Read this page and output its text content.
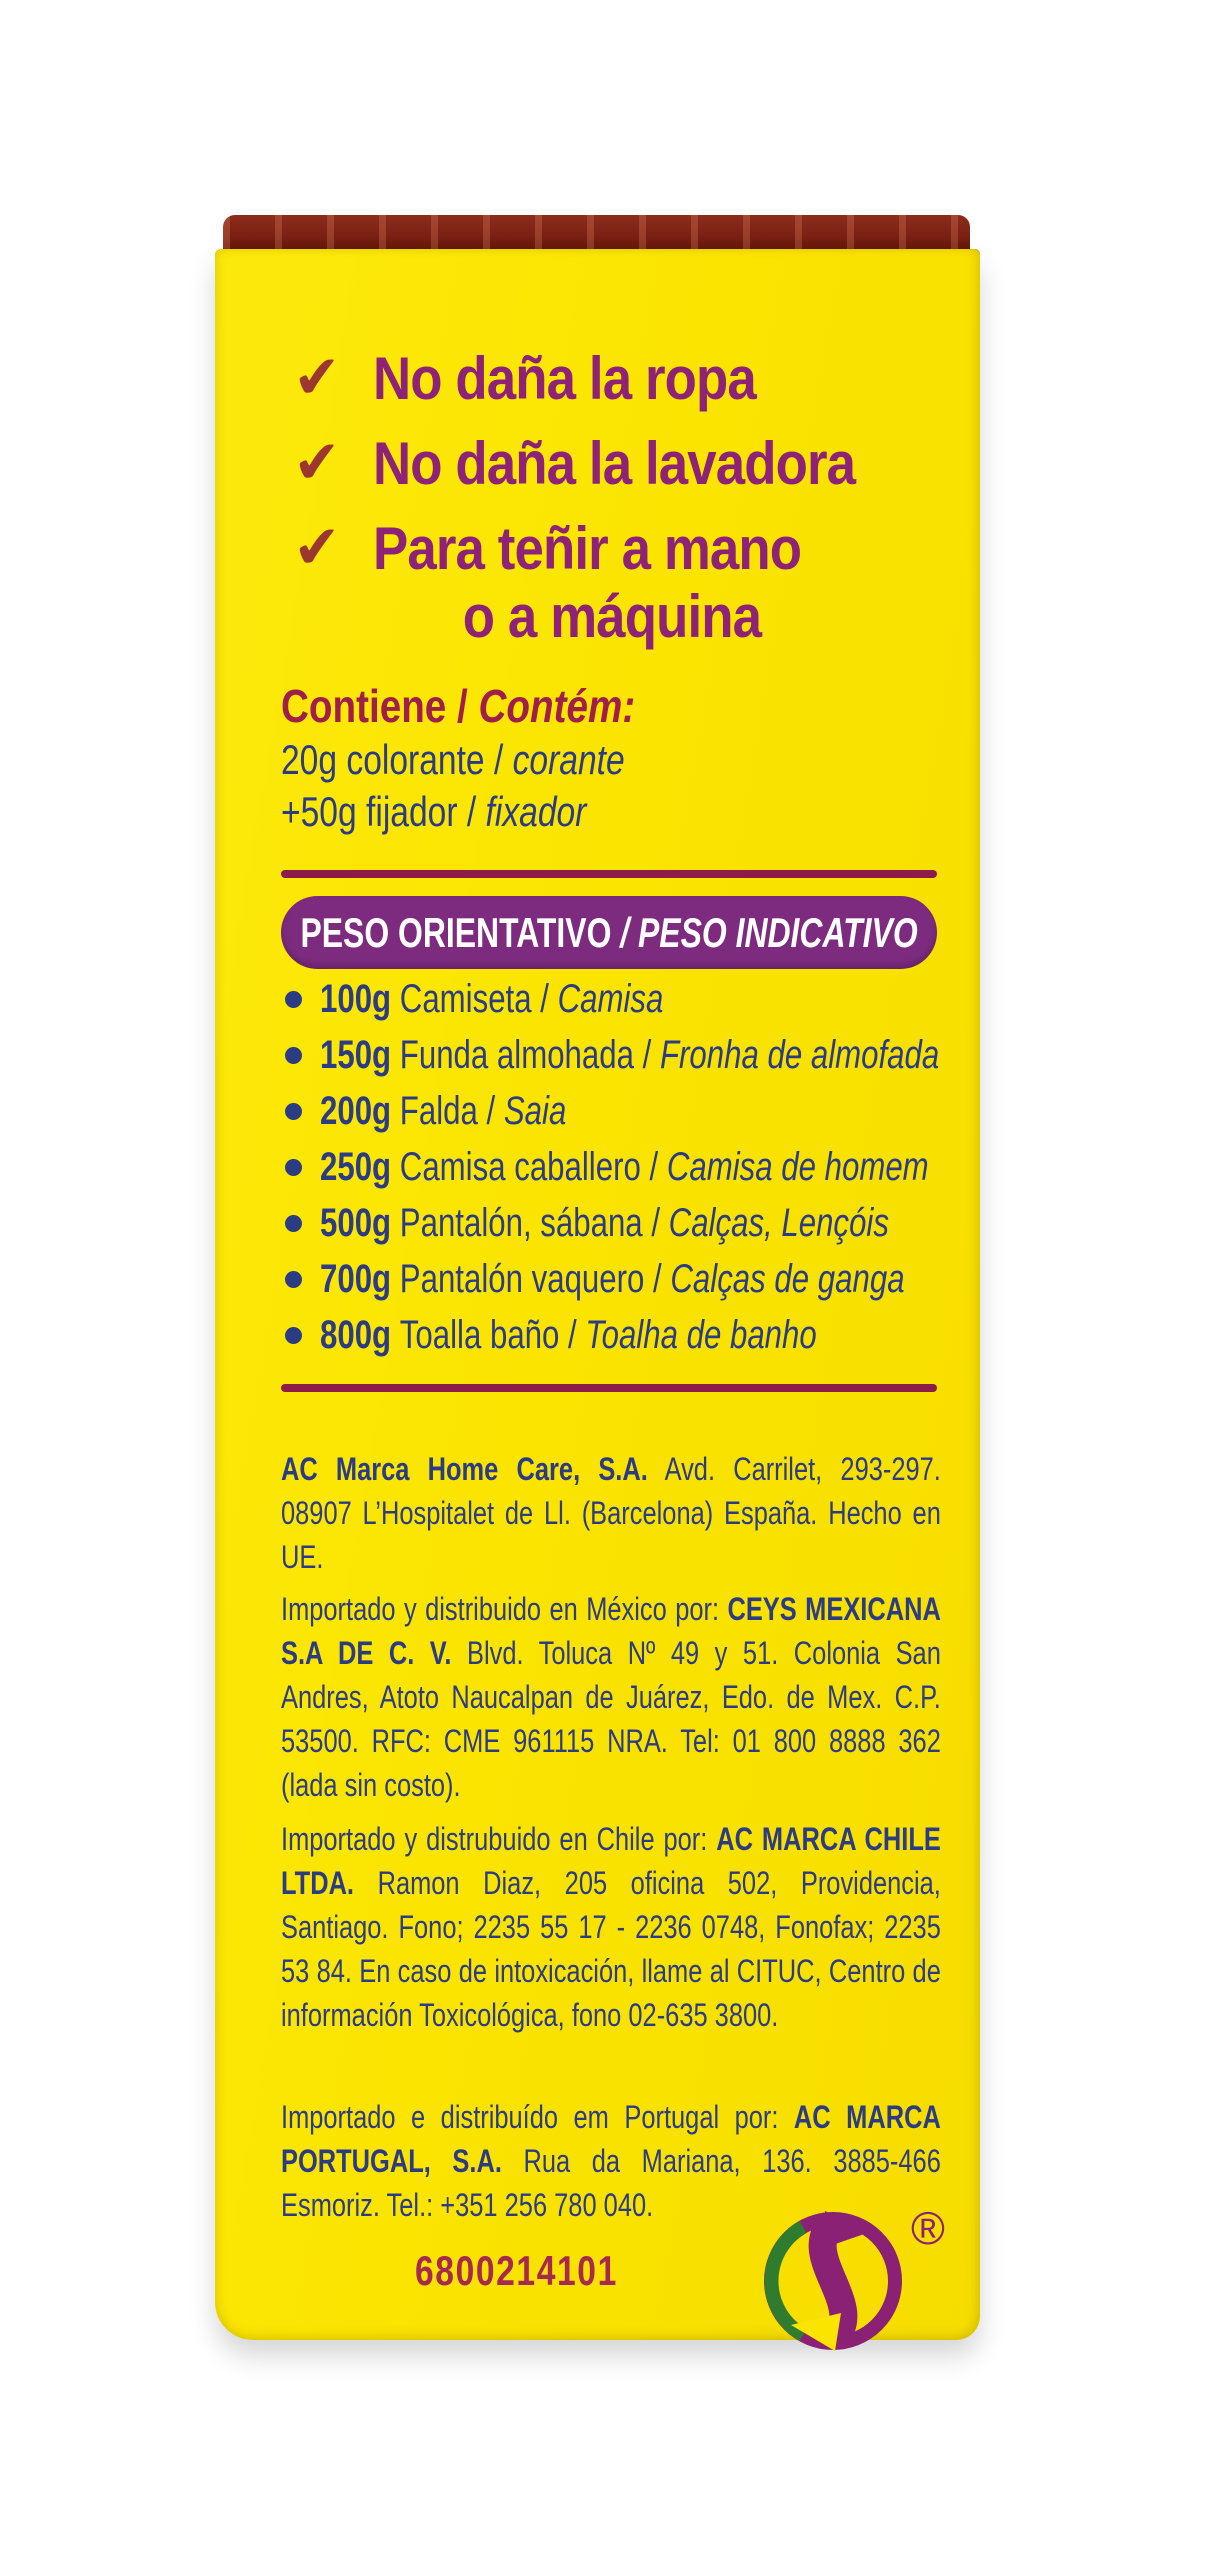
✔ No daña la ropa
✔ No daña la lavadora
✔ Para teñir a mano
o a máquina
Contiene / Contém:
20g colorante / corante
+50g fijador / fixador
PESO ORIENTATIVO / PESO INDICATIVO
100g Camiseta / Camisa
150g Funda almohada / Fronha de almofada
200g Falda / Saia
250g Camisa caballero / Camisa de homem
500g Pantalón, sábana / Calças, Lençóis
700g Pantalón vaquero / Calças de ganga
800g Toalla baño / Toalha de banho

AC Marca Home Care, S.A. Avd. Carrilet, 293-297. 08907 L’Hospitalet de Ll. (Barcelona) España. Hecho en UE.

Importado y distribuido en México por: CEYS MEXICANA S.A DE C. V. Blvd. Toluca Nº 49 y 51. Colonia San Andres, Atoto Naucalpan de Juárez, Edo. de Mex. C.P. 53500. RFC: CME 961115 NRA. Tel: 01 800 8888 362 (lada sin costo).

Importado y distrubuido en Chile por: AC MARCA CHILE LTDA. Ramon Diaz, 205 oficina 502, Providencia, Santiago. Fono; 2235 55 17 - 2236 0748, Fonofax; 2235 53 84. En caso de intoxicación, llame al CITUC, Centro de información Toxicológica, fono 02-635 3800.

Importado e distribuído em Portugal por: AC MARCA PORTUGAL, S.A. Rua da Mariana, 136. 3885-466 Esmoriz. Tel.: +351 256 780 040.

6800214101
®
